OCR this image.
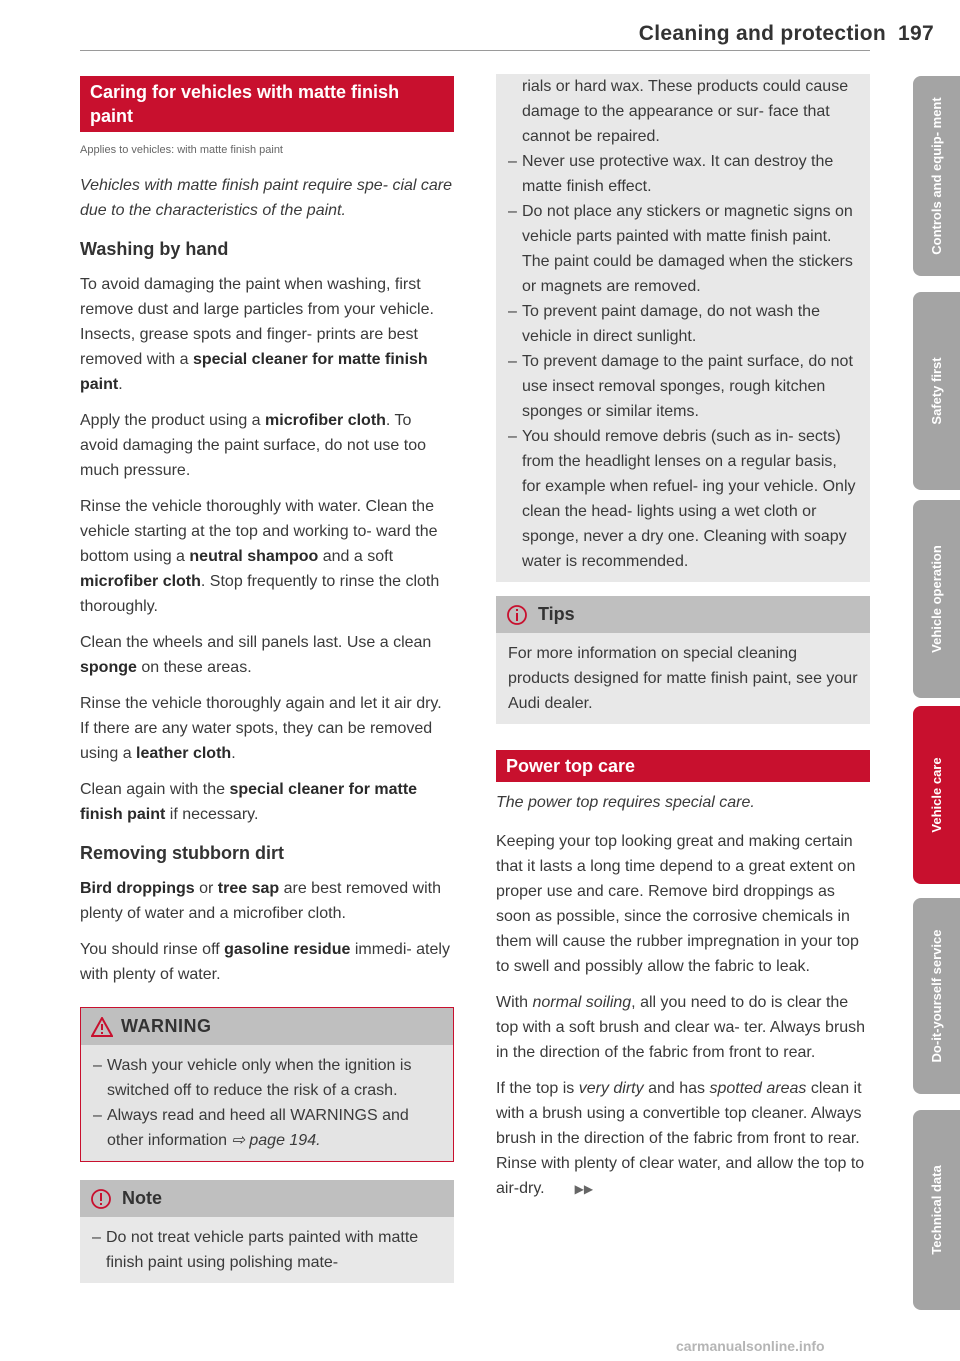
Cleaning and protection 197
Caring for vehicles with matte finish paint
Applies to vehicles: with matte finish paint

Vehicles with matte finish paint require spe- cial care due to the characteristics of the paint.

Washing by hand

To avoid damaging the paint when washing, first remove dust and large particles from your vehicle. Insects, grease spots and finger- prints are best removed with a special cleaner for matte finish paint.

Apply the product using a microfiber cloth. To avoid damaging the paint surface, do not use too much pressure.

Rinse the vehicle thoroughly with water. Clean the vehicle starting at the top and working to- ward the bottom using a neutral shampoo and a soft microfiber cloth. Stop frequently to rinse the cloth thoroughly.

Clean the wheels and sill panels last. Use a clean sponge on these areas.

Rinse the vehicle thoroughly again and let it air dry. If there are any water spots, they can be removed using a leather cloth.

Clean again with the special cleaner for matte finish paint if necessary.

Removing stubborn dirt

Bird droppings or tree sap are best removed with plenty of water and a microfiber cloth.

You should rinse off gasoline residue immedi- ately with plenty of water.

WARNING
– Wash your vehicle only when the ignition is switched off to reduce the risk of a crash.
– Always read and heed all WARNINGS and other information ⇨ page 194.
Note
– Do not treat vehicle parts painted with matte finish paint using polishing mate-
rials or hard wax. These products could cause damage to the appearance or sur- face that cannot be repaired.
– Never use protective wax. It can destroy the matte finish effect.
– Do not place any stickers or magnetic signs on vehicle parts painted with matte finish paint. The paint could be damaged when the stickers or magnets are removed.
– To prevent paint damage, do not wash the vehicle in direct sunlight.
– To prevent damage to the paint surface, do not use insect removal sponges, rough kitchen sponges or similar items.
– You should remove debris (such as in- sects) from the headlight lenses on a regular basis, for example when refuel- ing your vehicle. Only clean the head- lights using a wet cloth or sponge, never a dry one. Cleaning with soapy water is recommended.
Tips
For more information on special cleaning products designed for matte finish paint, see your Audi dealer.
Power top care

The power top requires special care.

Keeping your top looking great and making certain that it lasts a long time depend to a great extent on proper use and care. Remove bird droppings as soon as possible, since the corrosive chemicals in them will cause the rubber impregnation in your top to swell and possibly allow the fabric to leak.

With normal soiling, all you need to do is clear the top with a soft brush and clear wa- ter. Always brush in the direction of the fabric from front to rear.

If the top is very dirty and has spotted areas clean it with a brush using a convertible top cleaner. Always brush in the direction of the fabric from front to rear. Rinse with plenty of clear water, and allow the top to air-dry.	▶▶

Controls and equip- ment
Safety first
Vehicle operation
Vehicle care
Do-it-yourself service
Technical data
carmanualsonline.info
